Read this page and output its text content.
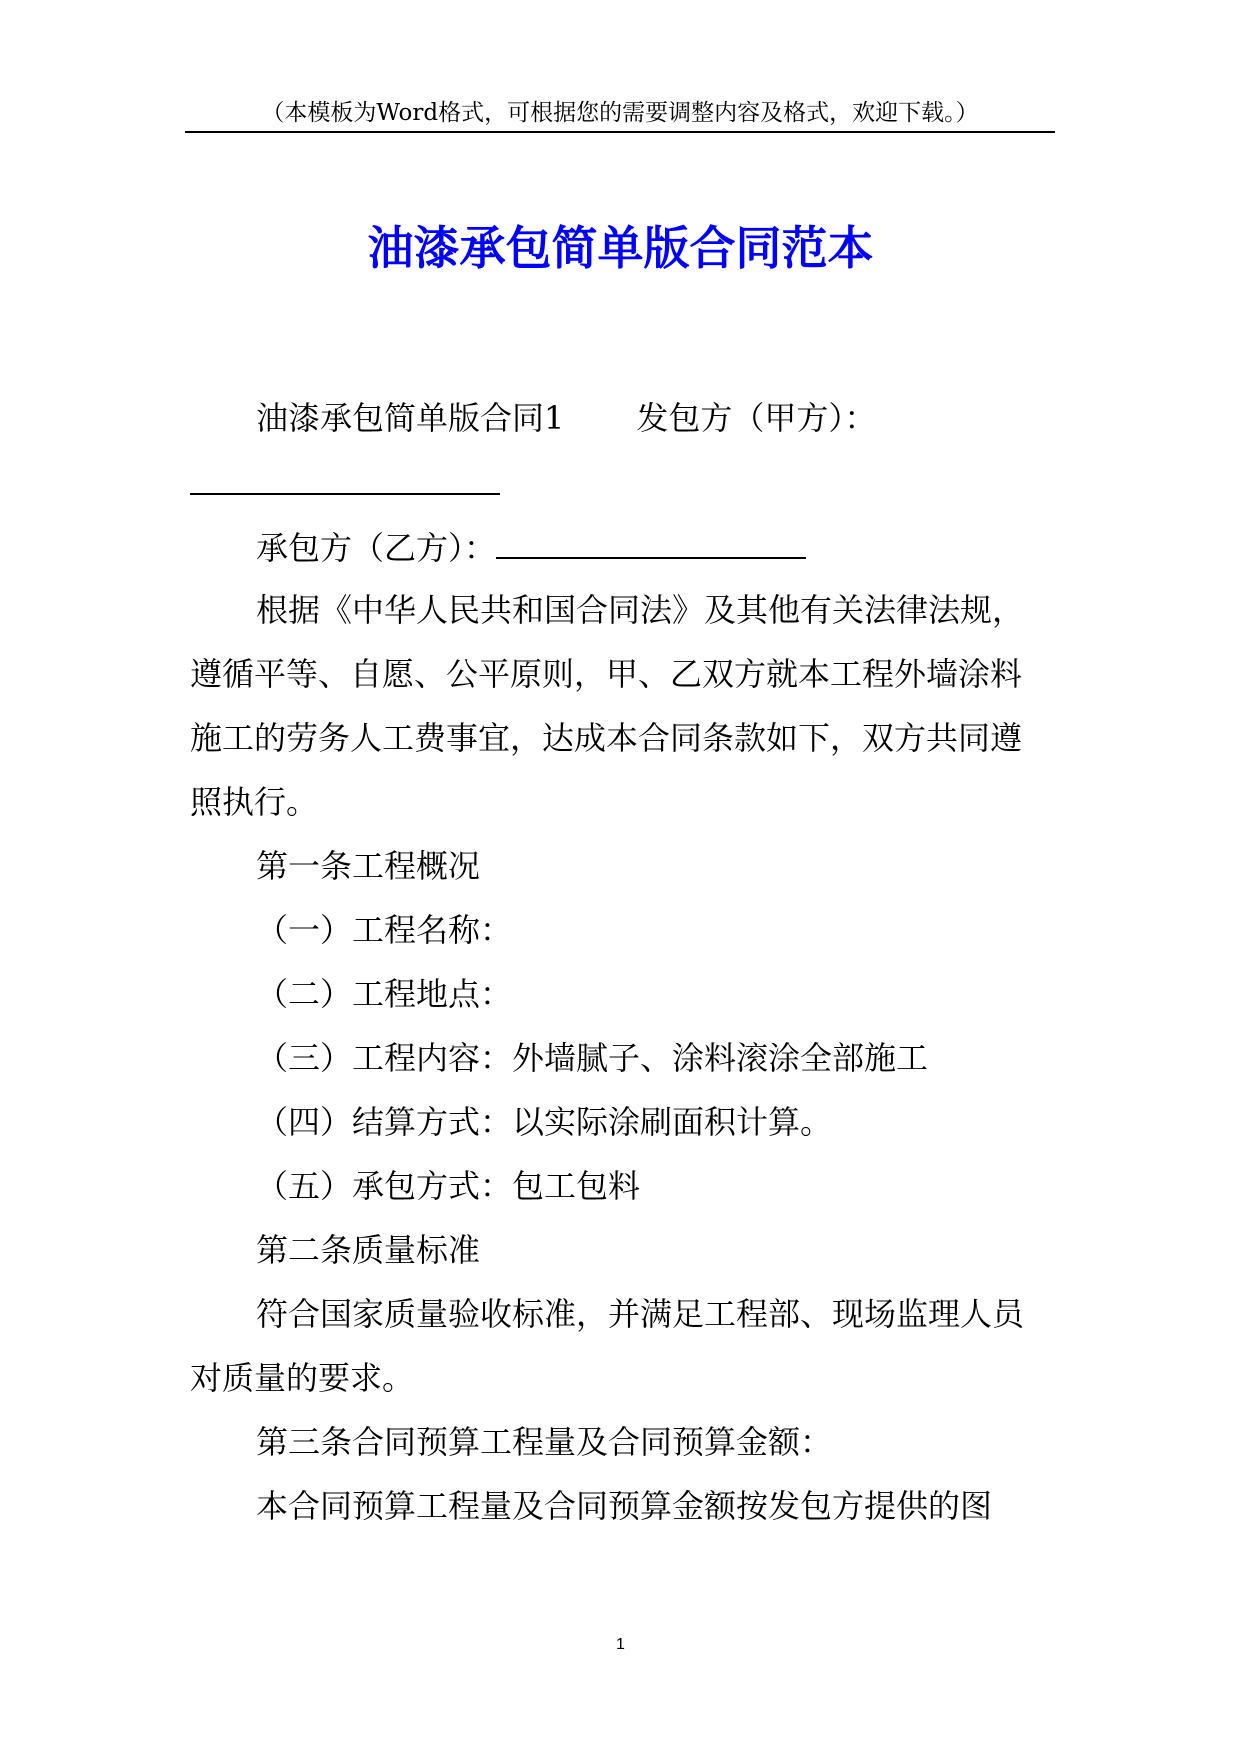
（本模板为Word格式，可根据您的需要调整内容及格式，欢迎下载。）
油漆承包简单版合同范本
油漆承包简单版合同1 发包方（甲方）：
承包方（乙方）：
根据《中华人民共和国合同法》及其他有关法律法规，
遵循平等、自愿、公平原则，甲、乙双方就本工程外墙涂料
施工的劳务人工费事宜，达成本合同条款如下，双方共同遵
照执行。
第一条工程概况
（一）工程名称：
（二）工程地点：
（三）工程内容：外墙腻子、涂料滚涂全部施工
（四）结算方式：以实际涂刷面积计算。
（五）承包方式：包工包料
第二条质量标准
符合国家质量验收标准，并满足工程部、现场监理人员
对质量的要求。
第三条合同预算工程量及合同预算金额：
本合同预算工程量及合同预算金额按发包方提供的图
1
